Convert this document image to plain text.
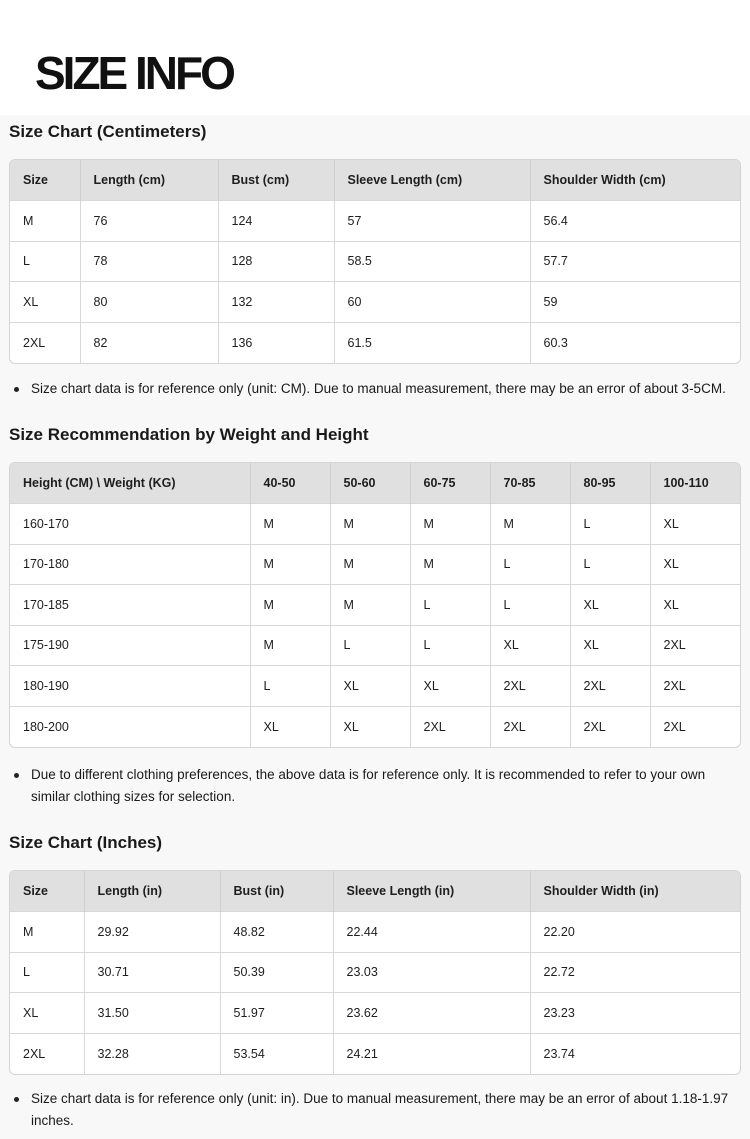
SIZE INFO
Size Chart (Centimeters)
Size	Length (cm)	Bust (cm)	Sleeve Length (cm)	Shoulder Width (cm)
M	76	124	57	56.4
L	78	128	58.5	57.7
XL	80	132	60	59
2XL	82	136	61.5	60.3
Size chart data is for reference only (unit: CM). Due to manual measurement, there may be an error of about 3-5CM.
Size Recommendation by Weight and Height
Height (CM) \ Weight (KG)	40-50	50-60	60-75	70-85	80-95	100-110
160-170	M	M	M	M	L	XL
170-180	M	M	M	L	L	XL
170-185	M	M	L	L	XL	XL
175-190	M	L	L	XL	XL	2XL
180-190	L	XL	XL	2XL	2XL	2XL
180-200	XL	XL	2XL	2XL	2XL	2XL
Due to different clothing preferences, the above data is for reference only. It is recommended to refer to your own similar clothing sizes for selection.
Size Chart (Inches)
Size	Length (in)	Bust (in)	Sleeve Length (in)	Shoulder Width (in)
M	29.92	48.82	22.44	22.20
L	30.71	50.39	23.03	22.72
XL	31.50	51.97	23.62	23.23
2XL	32.28	53.54	24.21	23.74
Size chart data is for reference only (unit: in). Due to manual measurement, there may be an error of about 1.18-1.97 inches.
